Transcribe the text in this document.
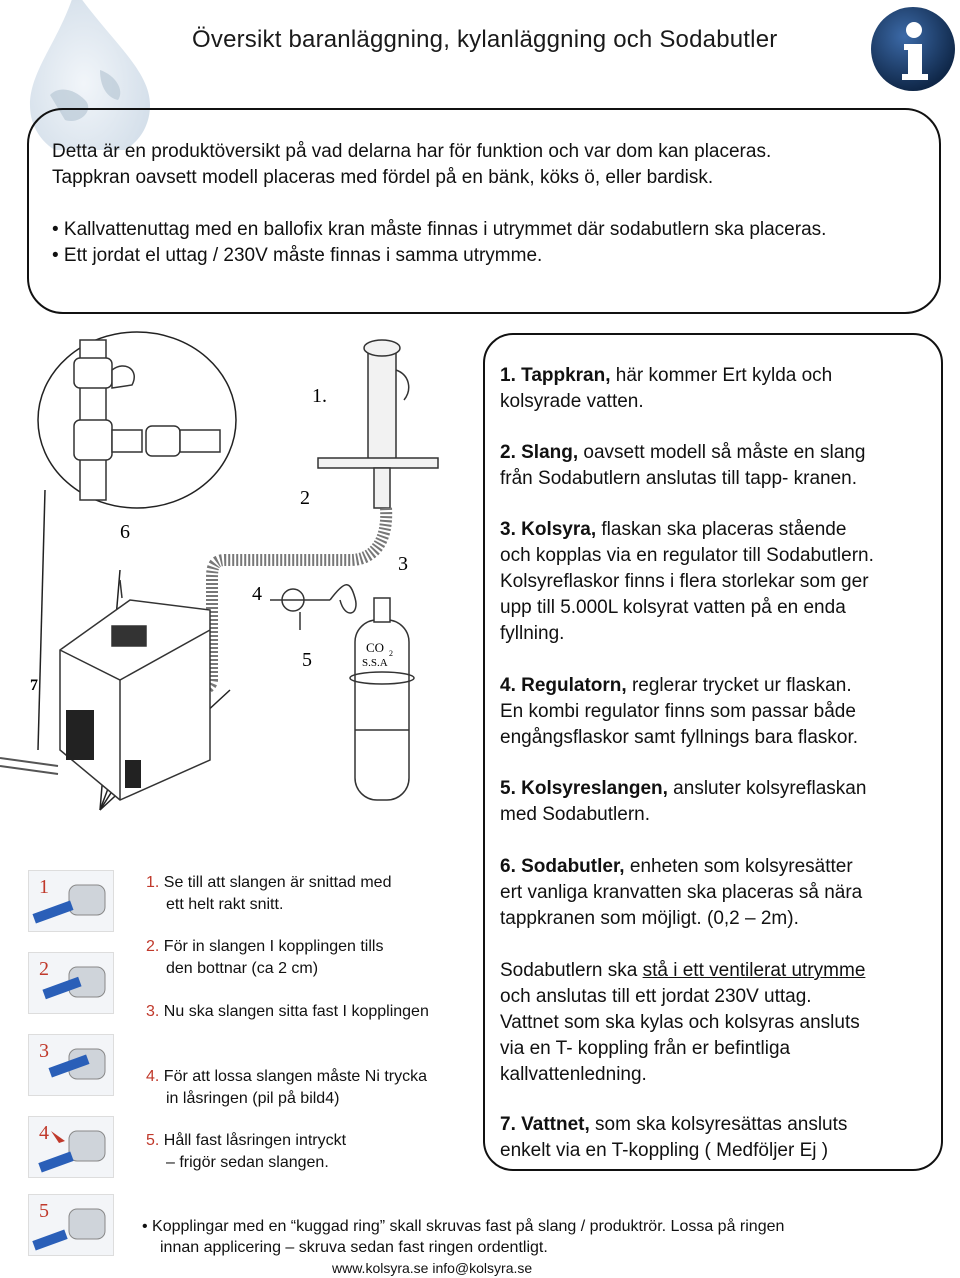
Översikt baranläggning, kylanläggning och Sodabutler
Detta är en produktöversikt på vad delarna har för funktion och var dom kan placeras.
Tappkran oavsett modell placeras med fördel på en bänk, köks ö, eller bardisk.
• Kallvattenuttag med en ballofix kran måste finnas i utrymmet där sodabutlern ska placeras.
• Ett jordat el uttag / 230V måste finnas i samma utrymme.
CO 2
S.S.A
1.
2
3
4
5
6
7
1. Tappkran, här kommer Ert kylda och
kolsyrade vatten.
2. Slang, oavsett modell så måste en slang
från Sodabutlern anslutas till tapp- kranen.
3. Kolsyra, flaskan ska placeras stående
och kopplas via en regulator till Sodabutlern.
Kolsyreflaskor finns i flera storlekar som ger
upp till 5.000L kolsyrat vatten på en enda
fyllning.
4. Regulatorn, reglerar trycket ur flaskan.
En kombi regulator finns som passar både
engångsflaskor samt fyllnings bara flaskor.
5. Kolsyreslangen, ansluter kolsyreflaskan
med Sodabutlern.
6. Sodabutler, enheten som kolsyresätter
ert vanliga kranvatten ska placeras så nära
tappkranen som möjligt. (0,2 – 2m).
Sodabutlern ska stå i ett ventilerat utrymme
och anslutas till ett jordat 230V uttag.
Vattnet som ska kylas och kolsyras ansluts
via en T- koppling från er befintliga
kallvattenledning.
7. Vattnet, som ska kolsyresättas ansluts
enkelt via en T-koppling ( Medföljer Ej )
1
2
3
4
5
1. Se till att slangen är snittad med
ett helt rakt snitt.
2. För in slangen I kopplingen tills
den bottnar (ca 2 cm)
3. Nu ska slangen sitta fast I kopplingen
4. För att lossa slangen måste Ni trycka
in låsringen (pil på bild4)
5. Håll fast låsringen intryckt
– frigör sedan slangen.
• Kopplingar med en “kuggad ring” skall skruvas fast på slang / produktrör. Lossa på ringen
innan applicering – skruva sedan fast ringen ordentligt.
www.kolsyra.se info@kolsyra.se
